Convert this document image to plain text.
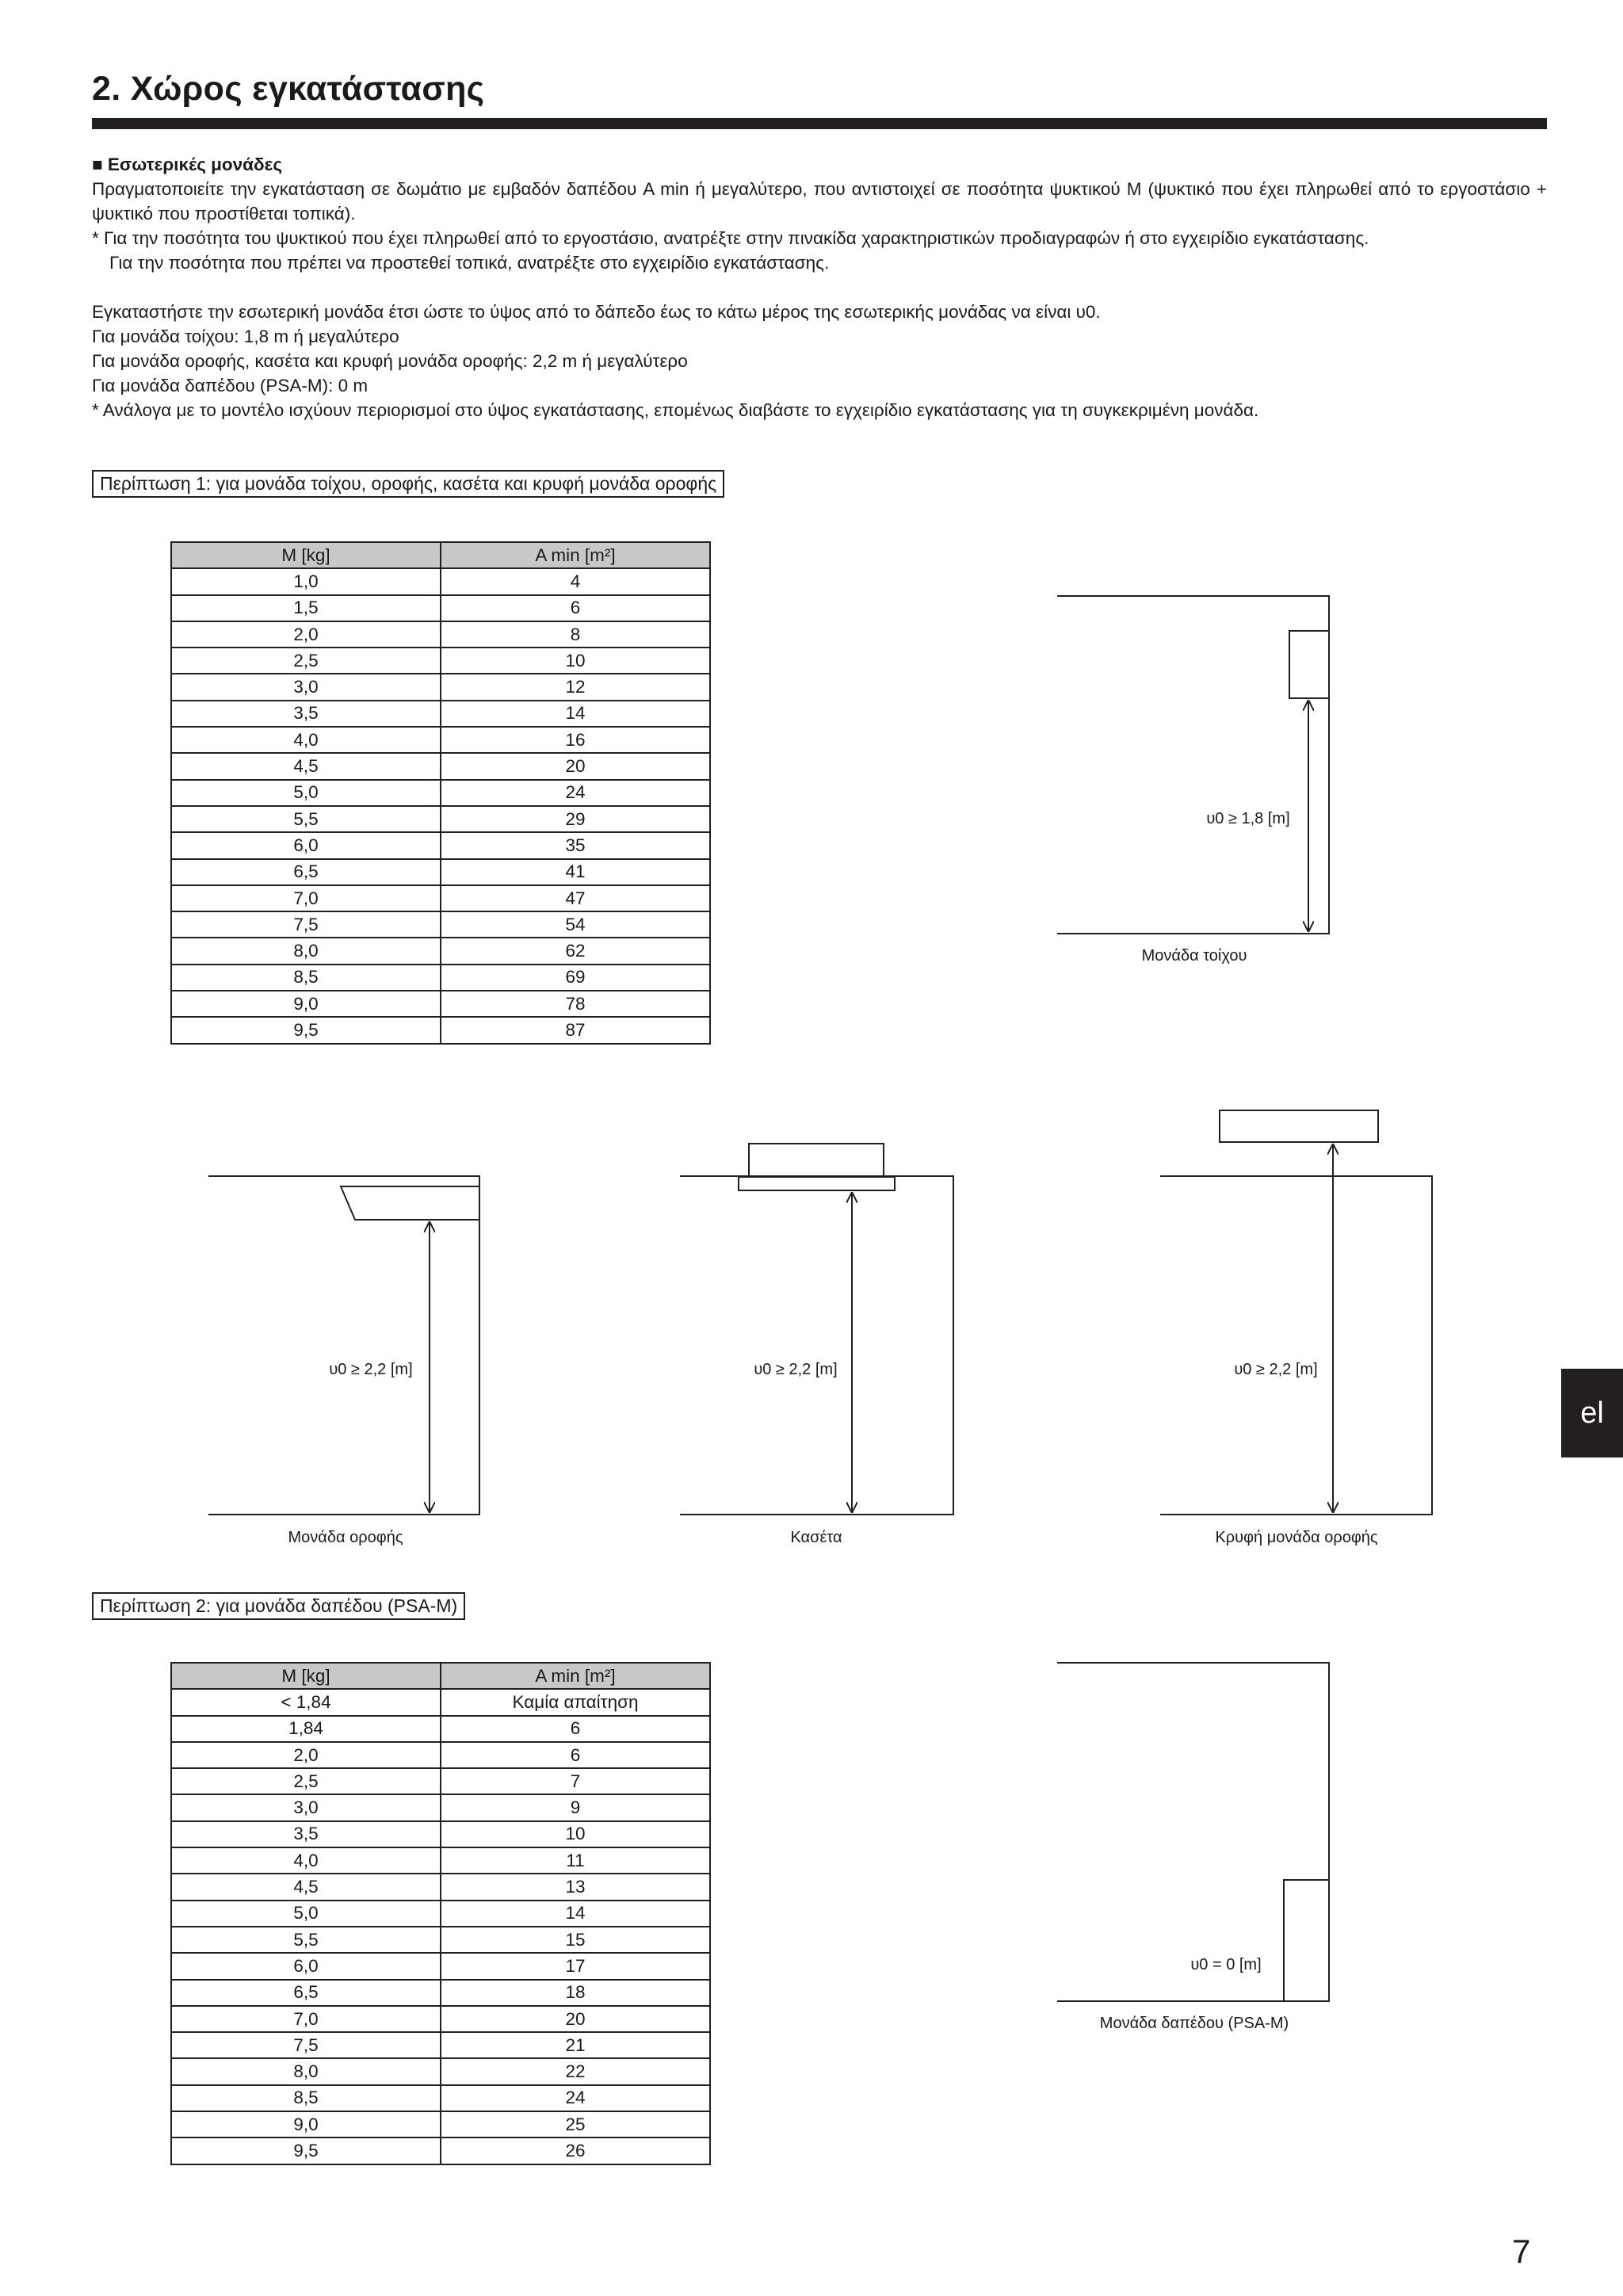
2. Χώρος εγκατάστασης

■ Εσωτερικές μονάδες

Πραγματοποιείτε την εγκατάσταση σε δωμάτιο με εμβαδόν δαπέδου A min ή μεγαλύτερο, που αντιστοιχεί σε ποσότητα ψυκτικού M (ψυκτικό που έχει πληρωθεί από το εργοστάσιο + ψυκτικό που προστίθεται τοπικά).

* Για την ποσότητα του ψυκτικού που έχει πληρωθεί από το εργοστάσιο, ανατρέξτε στην πινακίδα χαρακτηριστικών προδιαγραφών ή στο εγχειρίδιο εγκατάστασης.

Για την ποσότητα που πρέπει να προστεθεί τοπικά, ανατρέξτε στο εγχειρίδιο εγκατάστασης.

Εγκαταστήστε την εσωτερική μονάδα έτσι ώστε το ύψος από το δάπεδο έως το κάτω μέρος της εσωτερικής μονάδας να είναι υ0.

Για μονάδα τοίχου: 1,8 m ή μεγαλύτερο

Για μονάδα οροφής, κασέτα και κρυφή μονάδα οροφής: 2,2 m ή μεγαλύτερο

Για μονάδα δαπέδου (PSA-M): 0 m

* Ανάλογα με το μοντέλο ισχύουν περιορισμοί στο ύψος εγκατάστασης, επομένως διαβάστε το εγχειρίδιο εγκατάστασης για τη συγκεκριμένη μονάδα.

Περίπτωση 1: για μονάδα τοίχου, οροφής, κασέτα και κρυφή μονάδα οροφής
M [kg]	A min [m²]
1,0	4
1,5	6
2,0	8
2,5	10
3,0	12
3,5	14
4,0	16
4,5	20
5,0	24
5,5	29
6,0	35
6,5	41
7,0	47
7,5	54
8,0	62
8,5	69
9,0	78
9,5	87
Περίπτωση 2: για μονάδα δαπέδου (PSA-M)
M [kg]	A min [m²]
< 1,84	Καμία απαίτηση
1,84	6
2,0	6
2,5	7
3,0	9
3,5	10
4,0	11
4,5	13
5,0	14
5,5	15
6,0	17
6,5	18
7,0	20
7,5	21
8,0	22
8,5	24
9,0	25
9,5	26
υ0 ≥ 1,8 [m]
Μονάδα τοίχου
υ0 ≥ 2,2 [m]
Μονάδα οροφής
υ0 ≥ 2,2 [m]
Κασέτα
υ0 ≥ 2,2 [m]
Κρυφή μονάδα οροφής
υ0 = 0 [m]
Μονάδα δαπέδου (PSA-M)
el
7
